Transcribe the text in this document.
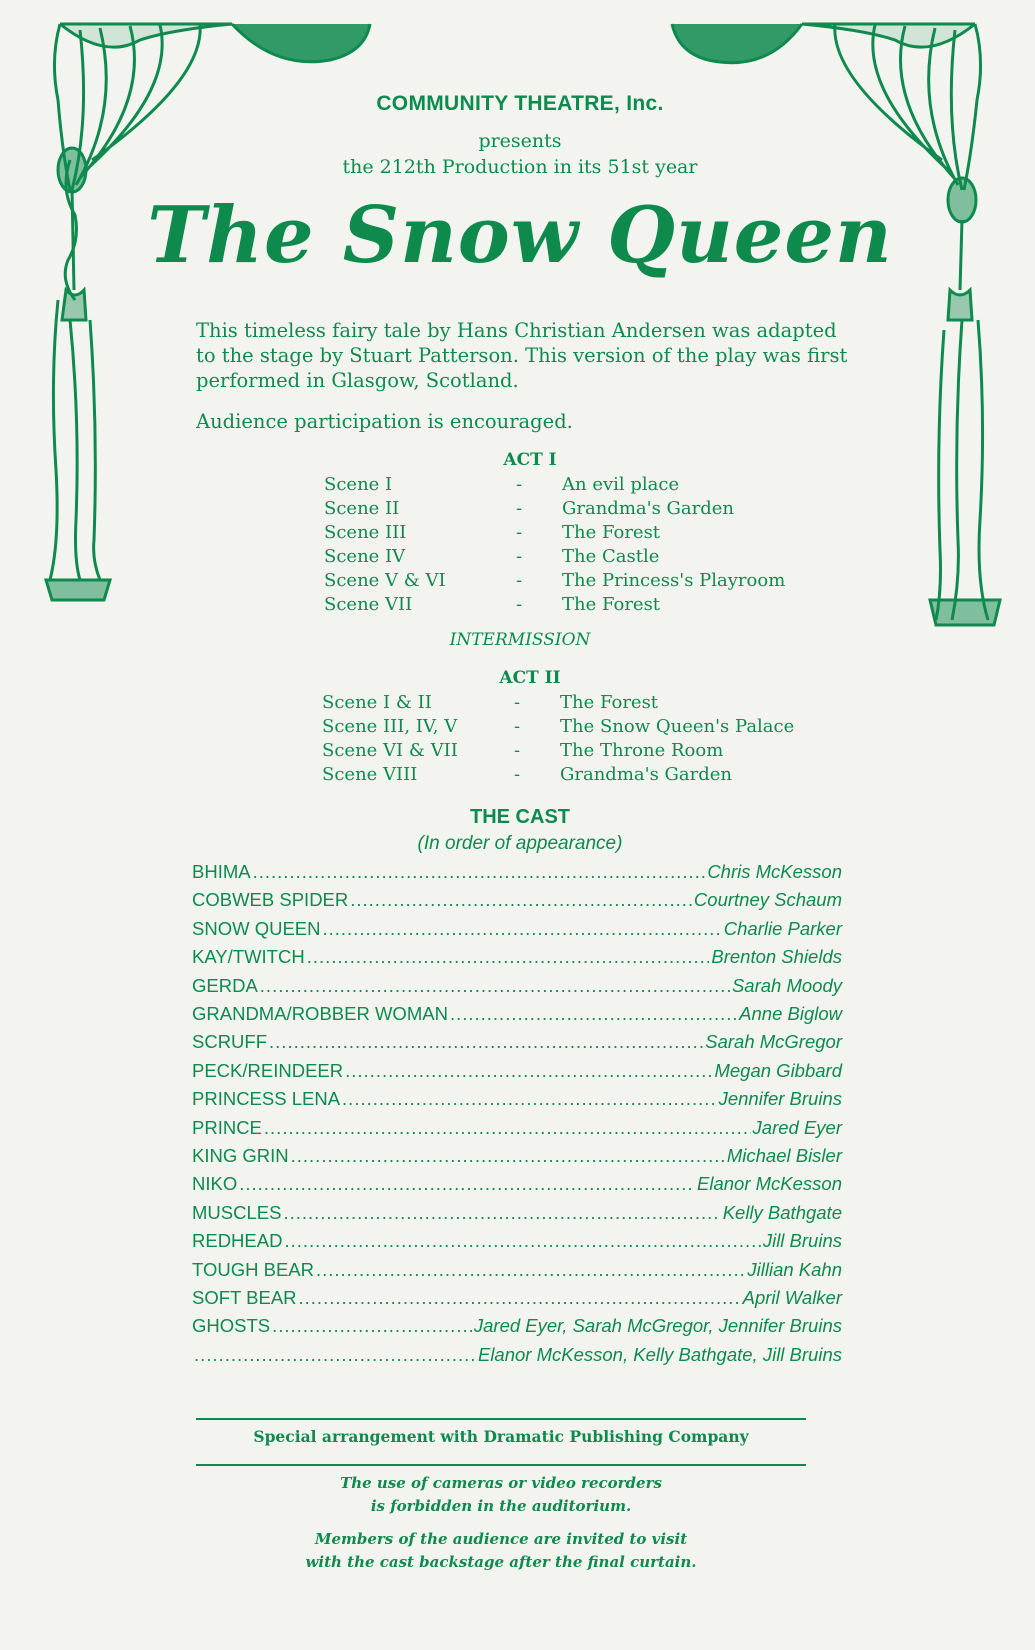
COMMUNITY THEATRE, Inc.
presents
the 212th Production in its 51st year
The Snow Queen
This timeless fairy tale by Hans Christian Andersen was adapted to the stage by Stuart Patterson. This version of the play was first performed in Glasgow, Scotland.
Audience participation is encouraged.
ACT I
Scene I	- An evil place
Scene II	- Grandma's Garden
Scene III	- The Forest
Scene IV	- The Castle
Scene V & VI	- The Princess's Playroom
Scene VII	- The Forest
INTERMISSION
ACT II
Scene I & II	- The Forest
Scene III, IV, V	- The Snow Queen's Palace
Scene VI & VII	- The Throne Room
Scene VIII	- Grandma's Garden
THE CAST
(In order of appearance)
BHIMA .....	Chris McKesson
COBWEB SPIDER .....	Courtney Schaum
SNOW QUEEN .....	Charlie Parker
KAY/TWITCH .....	Brenton Shields
GERDA .....	Sarah Moody
GRANDMA/ROBBER WOMAN .....	Anne Biglow
SCRUFF .....	Sarah McGregor
PECK/REINDEER .....	Megan Gibbard
PRINCESS LENA .....	Jennifer Bruins
PRINCE .....	Jared Eyer
KING GRIN .....	Michael Bisler
NIKO .....	Elanor McKesson
MUSCLES .....	Kelly Bathgate
REDHEAD .....	Jill Bruins
TOUGH BEAR .....	Jillian Kahn
SOFT BEAR .....	April Walker
GHOSTS .....	Jared Eyer, Sarah McGregor, Jennifer Bruins
.....
Elanor McKesson, Kelly Bathgate, Jill Bruins
Special arrangement with Dramatic Publishing Company
The use of cameras or video recorders
is forbidden in the auditorium.
Members of the audience are invited to visit
with the cast backstage after the final curtain.
